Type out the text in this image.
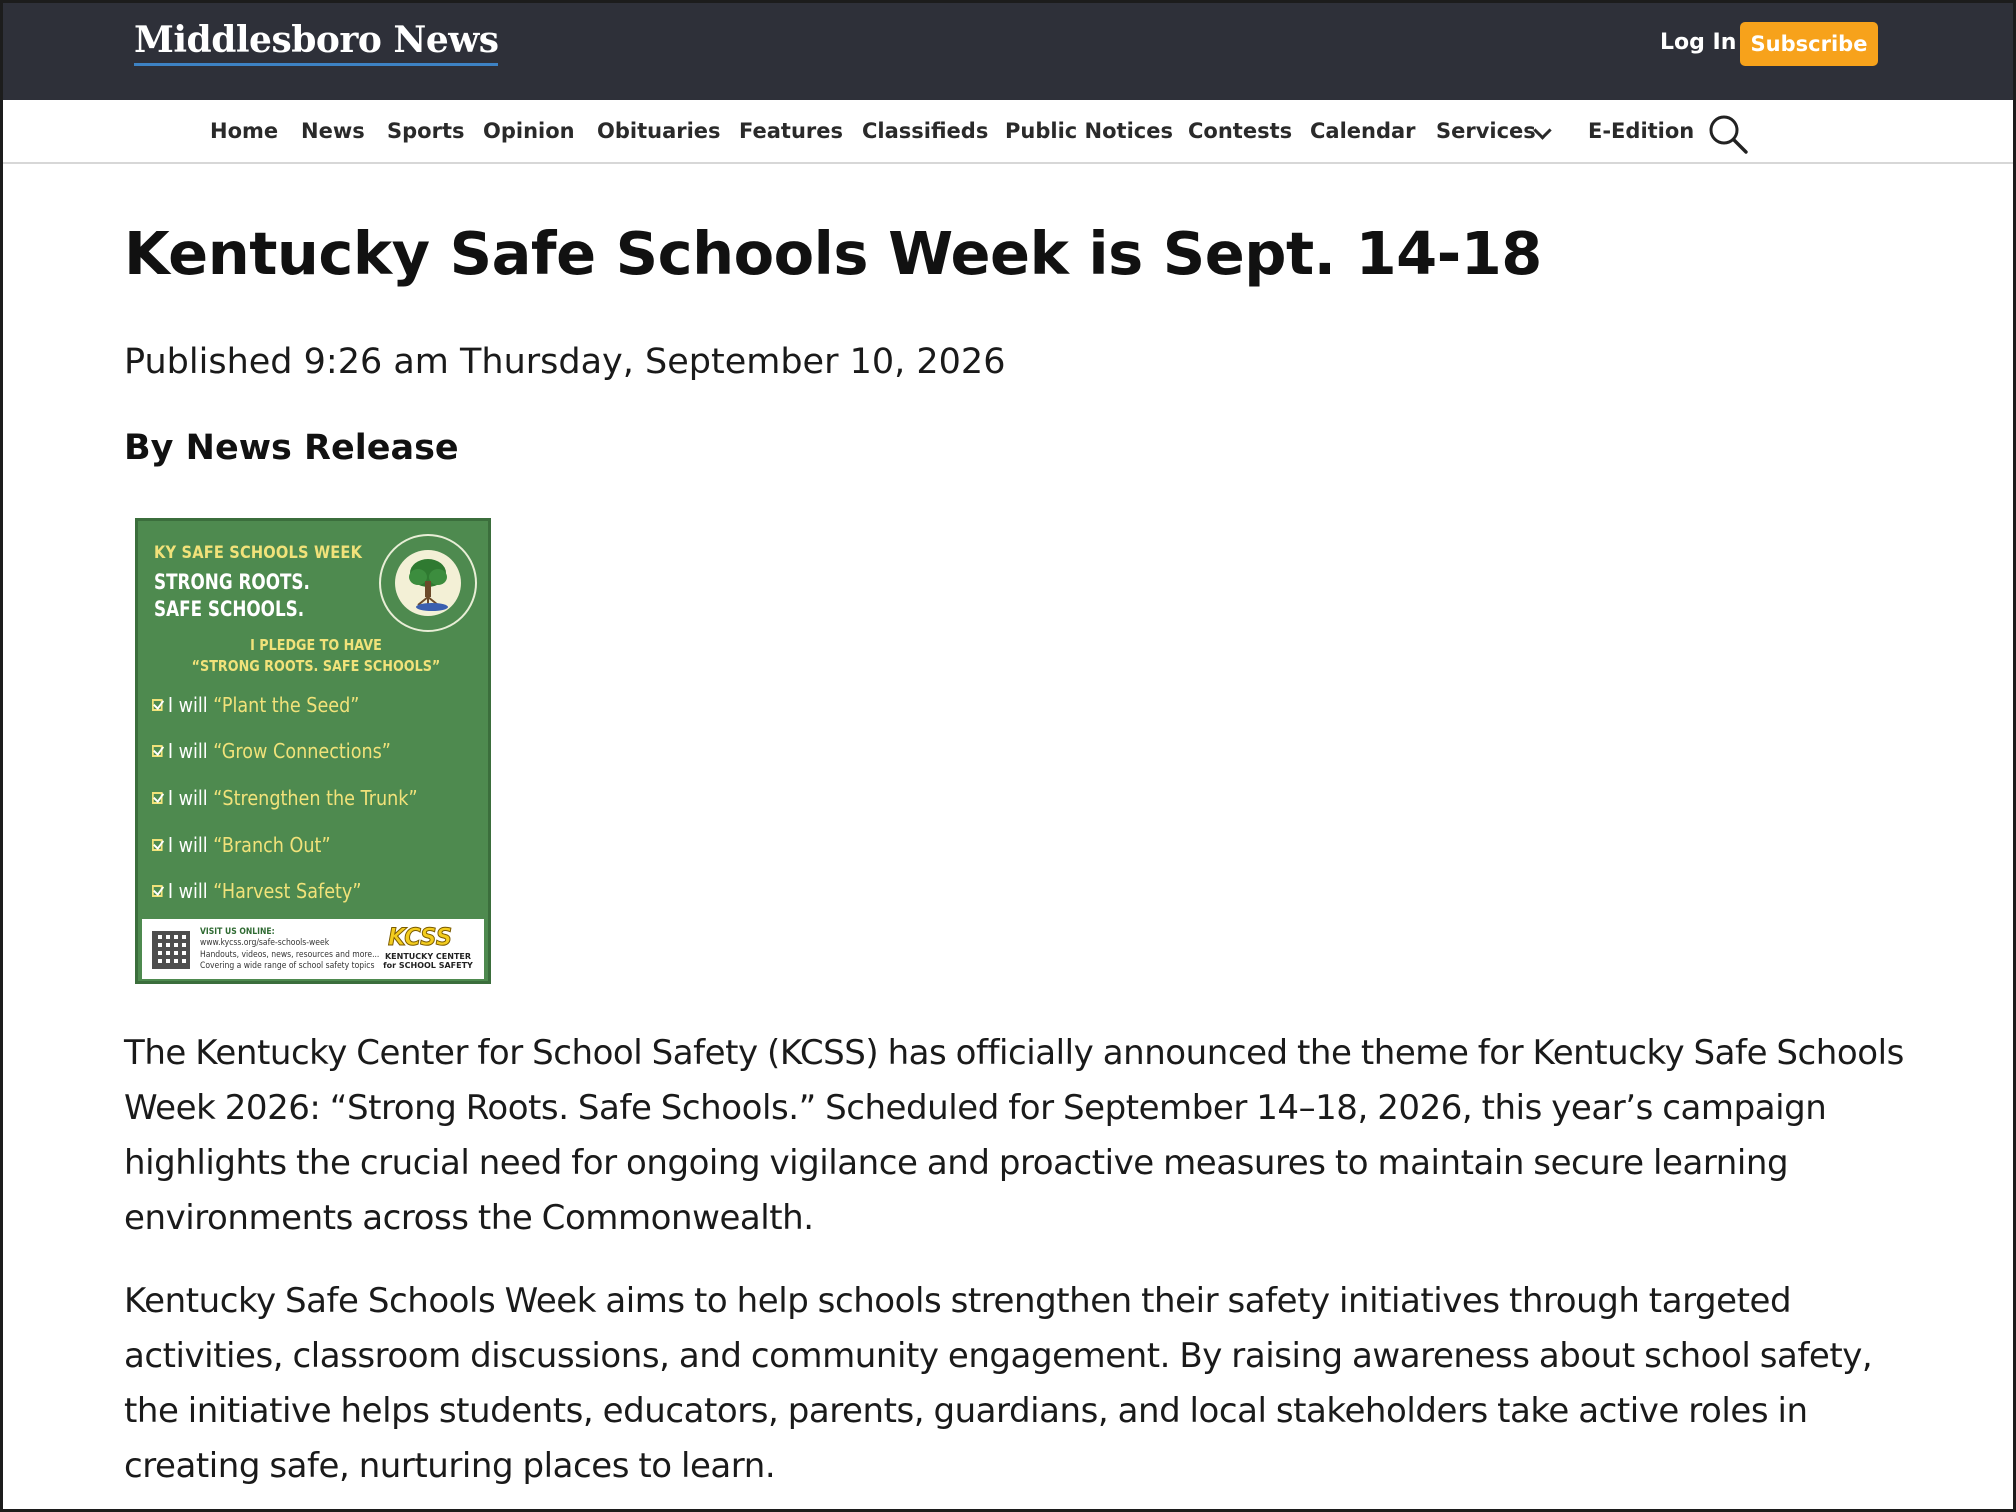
Middlesboro News	Log In Subscribe
Home News Sports Opinion Obituaries Features Classifieds Public Notices Contests Calendar Services E-Edition
Kentucky Safe Schools Week is Sept. 14-18
Published 9:26 am Thursday, September 10, 2026
By News Release
KY SAFE SCHOOLS WEEK
STRONG ROOTS.
SAFE SCHOOLS.
I PLEDGE TO HAVE
“STRONG ROOTS. SAFE SCHOOLS”
I will “Plant the Seed”
I will “Grow Connections”
I will “Strengthen the Trunk”
I will “Branch Out”
I will “Harvest Safety”
VISIT US ONLINE:
www.kycss.org/safe-schools-week
Handouts, videos, news, resources and more...
Covering a wide range of school safety topics
KCSS
KENTUCKY CENTER
for SCHOOL SAFETY

The Kentucky Center for School Safety (KCSS) has officially announced the theme for Kentucky Safe Schools Week 2026: “Strong Roots. Safe Schools.” Scheduled for September 14–18, 2026, this year’s campaign highlights the crucial need for ongoing vigilance and proactive measures to maintain secure learning environments across the Commonwealth.

Kentucky Safe Schools Week aims to help schools strengthen their safety initiatives through targeted activities, classroom discussions, and community engagement. By raising awareness about school safety, the initiative helps students, educators, parents, guardians, and local stakeholders take active roles in creating safe, nurturing places to learn.
